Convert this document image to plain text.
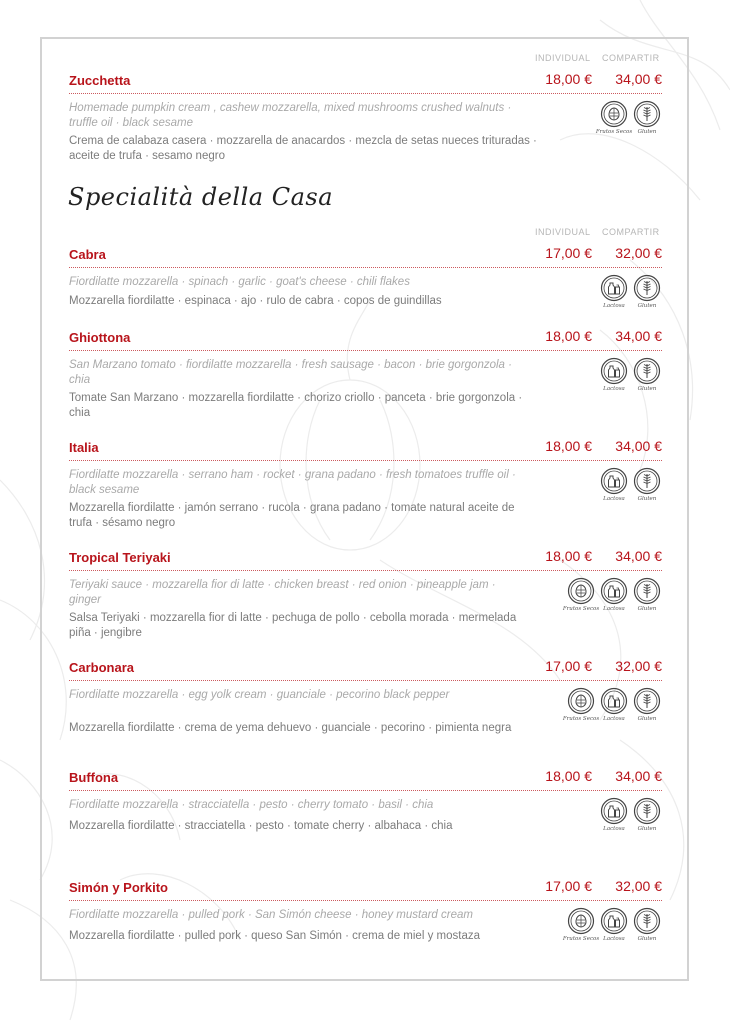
INDIVIDUAL COMPARTIR
Zucchetta	18,00 € 34,00 €

Homemade pumpkin cream , cashew mozzarella, mixed mushrooms crushed walnuts · truffle oil · black sesame

Crema de calabaza casera · mozzarella de anacardos · mezcla de setas nueces trituradas · aceite de trufa · sesamo negro

Frutos Secos Gluten
Specialità della Casa
INDIVIDUAL COMPARTIR
Cabra	17,00 € 32,00 €

Fiordilatte mozzarella · spinach · garlic · goat's cheese · chili flakes

Mozzarella fiordilatte · espinaca · ajo · rulo de cabra · copos de guindillas	Lactosa Gluten
Ghiottona	18,00 € 34,00 €

San Marzano tomato · fiordilatte mozzarella · fresh sausage · bacon · brie gorgonzola · chia

Tomate San Marzano · mozzarella fiordilatte · chorizo criollo · panceta · brie gorgonzola · chia

Lactosa Gluten
Italia	18,00 € 34,00 €

Fiordilatte mozzarella · serrano ham · rocket · grana padano · fresh tomatoes truffle oil · black sesame

Mozzarella fiordilatte · jamón serrano · rucola · grana padano · tomate natural aceite de trufa · sésamo negro

Lactosa Gluten
Tropical Teriyaki	18,00 € 34,00 €

Teriyaki sauce · mozzarella fior di latte · chicken breast · red onion · pineapple jam · ginger

Salsa Teriyaki · mozzarella fior di latte · pechuga de pollo · cebolla morada · mermelada piña · jengibre

Frutos Secos Lactosa Gluten
Carbonara	17,00 € 32,00 €

Fiordilatte mozzarella · egg yolk cream · guanciale · pecorino black pepper

Mozzarella fiordilatte · crema de yema dehuevo · guanciale · pecorino · pimienta negra

Frutos Secos Lactosa Gluten
Buffona	18,00 € 34,00 €

Fiordilatte mozzarella · stracciatella · pesto · cherry tomato · basil · chia

Mozzarella fiordilatte · stracciatella · pesto · tomate cherry · albahaca · chia	Lactosa Gluten
Simón y Porkito	17,00 € 32,00 €

Fiordilatte mozzarella · pulled pork · San Simón cheese · honey mustard cream

Mozzarella fiordilatte · pulled pork · queso San Simón · crema de miel y mostaza	Frutos Secos Lactosa Gluten
